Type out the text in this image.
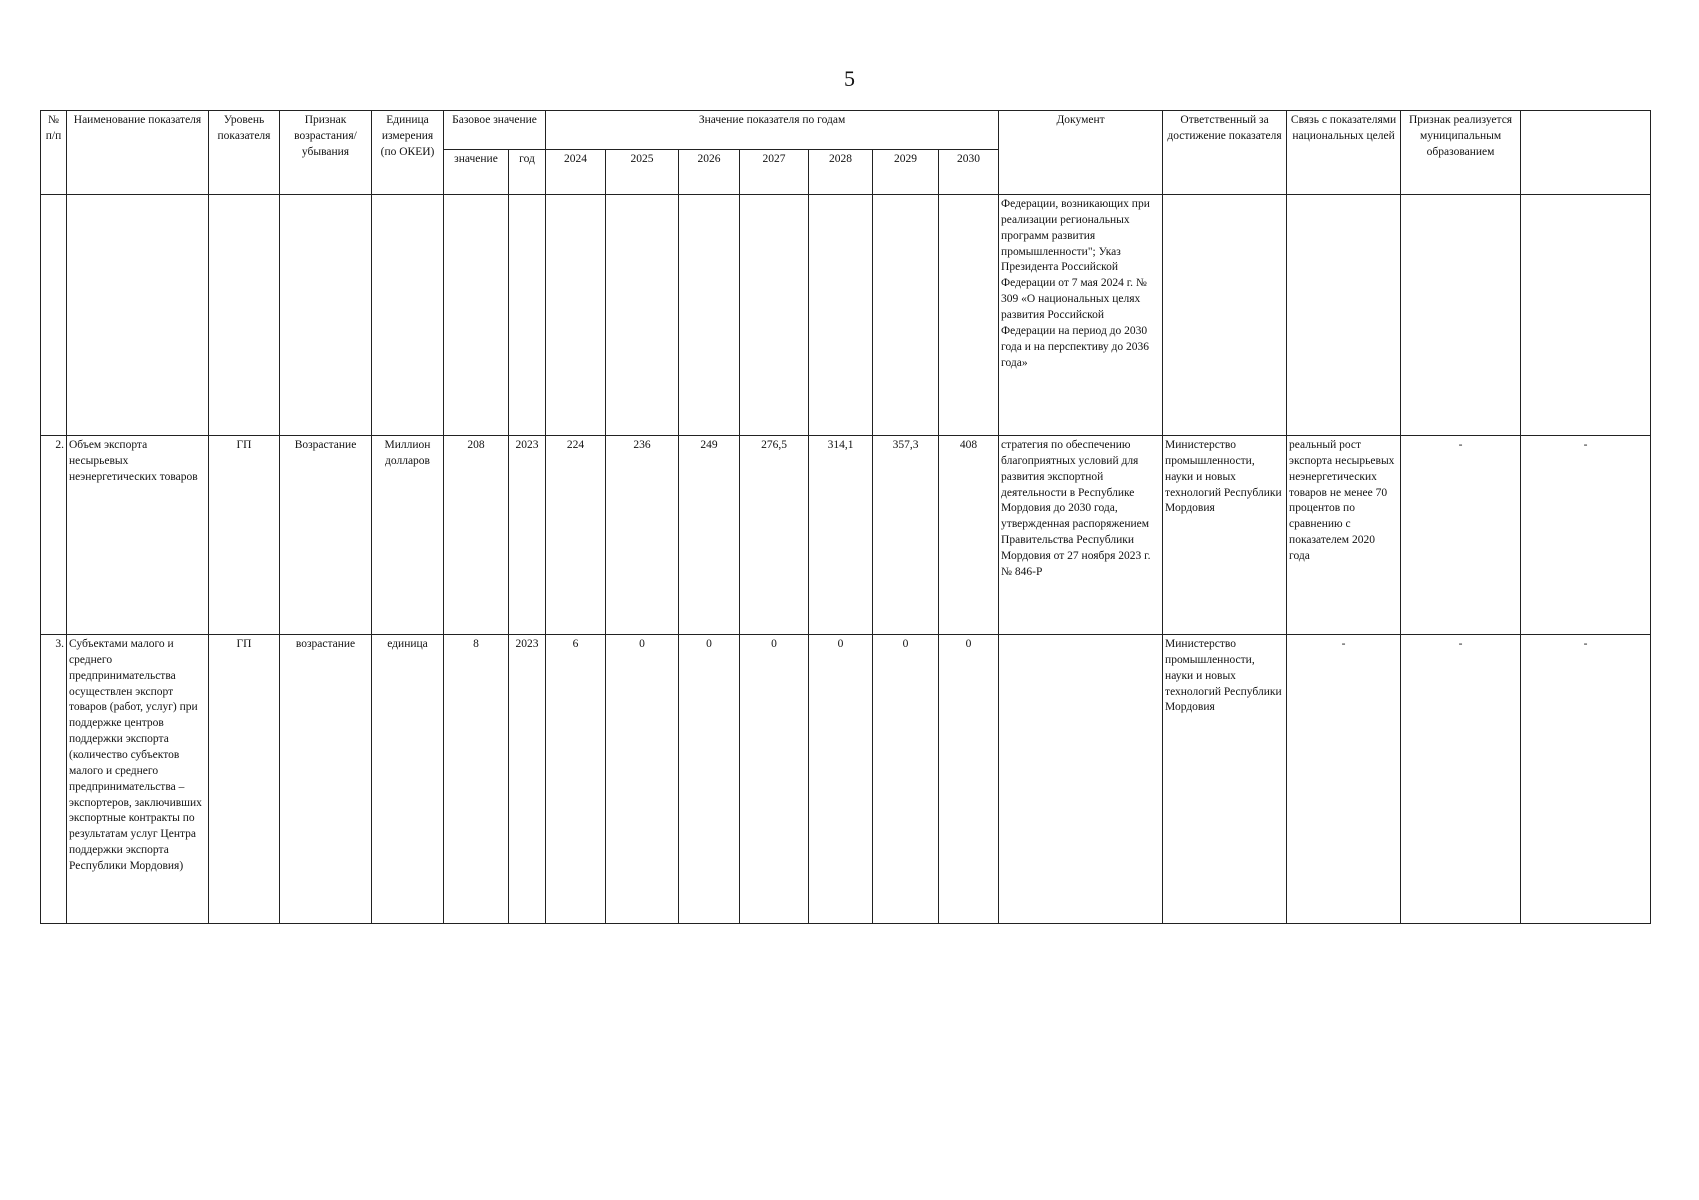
5
№ п/п	Наименование показателя	Уровень показателя	Признак возрастания/ убывания	Единица измерения (по ОКЕИ)	Базовое значение		Значение показателя по годам							Документ	Ответственный за достижение показателя	Связь с показателями национальных целей	Признак реализуется муниципальным образованием	
					значение	год	2024	2025	2026	2027	2028	2029	2030					
														Федерации, возникающих при реализации региональных программ развития промышленности"; Указ Президента Российской Федерации от 7 мая 2024 г. № 309 «О национальных целях развития Российской Федерации на период до 2030 года и на перспективу до 2036 года»				
2.	Объем экспорта несырьевых неэнергетических товаров	ГП	Возрастание	Миллион долларов	208	2023	224	236	249	276,5	314,1	357,3	408	стратегия по обеспечению благоприятных условий для развития экспортной деятельности в Республике Мордовия до 2030 года, утвержденная распоряжением Правительства Республики Мордовия от 27 ноября 2023 г. № 846-Р	Министерство промышленности, науки и новых технологий Республики Мордовия	реальный рост экспорта несырьевых неэнергетических товаров не менее 70 процентов по сравнению с показателем 2020 года	-	-
3.	Субъектами малого и среднего предпринимательства осуществлен экспорт товаров (работ, услуг) при поддержке центров поддержки экспорта (количество субъектов малого и среднего предпринимательства – экспортеров, заключивших экспортные контракты по результатам услуг Центра поддержки экспорта Республики Мордовия)	ГП	возрастание	единица	8	2023	6	0	0	0	0	0	0		Министерство промышленности, науки и новых технологий Республики Мордовия	-	-	-
